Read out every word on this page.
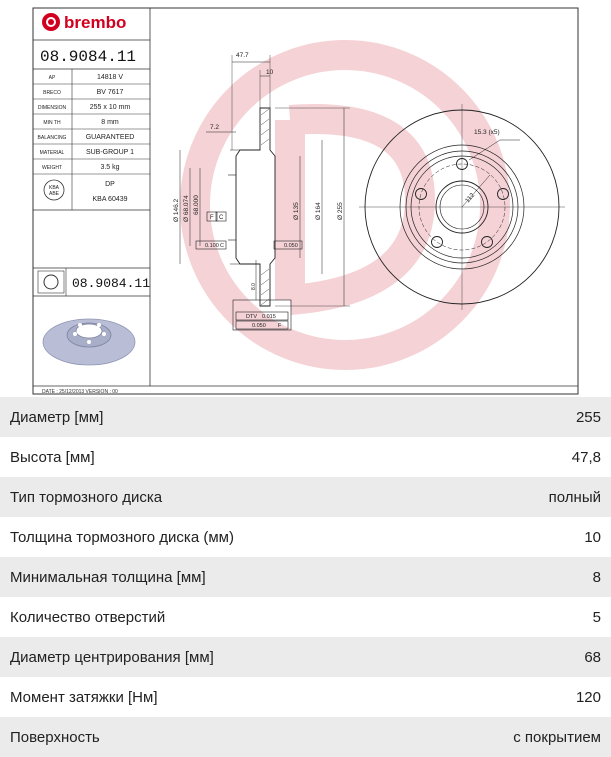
brembo
08.9084.11
AP	14818 V
BRECO	BV 7617
DIMENSION	255 x 10 mm
MIN TH	8 mm
BALANCING	GUARANTEED
MATERIAL	SUB-GROUP 1
WEIGHT	3.5 kg
KBA
ABE
DP
KBA 60439
08.9084.11
DATE : 25/12/2013 VERSION : 00
47.7
10
7.2
Ø 146.2 Ø 68.074 68.000	Ø 135 Ø 164 Ø 255
F C
0.100 C	0.050
8.0
DTV 0.015
0.050 F
15.3 (x5)
112
Диаметр [мм]	255
Высота [мм]	47,8
Тип тормозного диска	полный
Толщина тормозного диска (мм)	10
Минимальная толщина [мм]	8
Количество отверстий	5
Диаметр центрирования [мм]	68
Момент затяжки [Нм]	120
Поверхность	с покрытием
